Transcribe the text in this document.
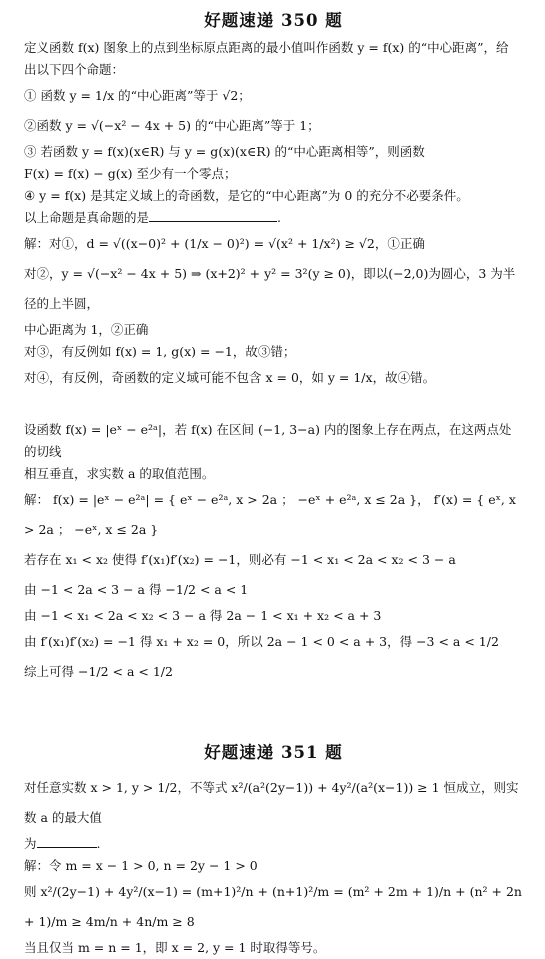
好题速递 350 题

定义函数 f(x) 图象上的点到坐标原点距离的最小值叫作函数 y = f(x) 的“中心距离”，给

出以下四个命题：

① 函数 y = 1/x 的“中心距离”等于 √2；

②函数 y = √(−x² − 4x + 5) 的“中心距离”等于 1；

③ 若函数 y = f(x)(x∈R) 与 y = g(x)(x∈R) 的“中心距离相等”，则函数

F(x) = f(x) − g(x) 至少有一个零点；

④ y = f(x) 是其定义域上的奇函数，是它的“中心距离”为 0 的充分不必要条件。

以上命题是真命题的是	.

解：对①，d = √((x−0)² + (1/x − 0)²) = √(x² + 1/x²) ≥ √2，①正确

对②，y = √(−x² − 4x + 5) ⇒ (x+2)² + y² = 3²(y ≥ 0)，即以(−2,0)为圆心，3 为半径的上半圆，

中心距离为 1，②正确

对③，有反例如 f(x) = 1, g(x) = −1，故③错；

对④，有反例，奇函数的定义域可能不包含 x = 0，如 y = 1/x，故④错。

设函数 f(x) = |eˣ − e²ᵃ|，若 f(x) 在区间 (−1, 3−a) 内的图象上存在两点，在这两点处的切线

相互垂直，求实数 a 的取值范围。

解： f(x) = |eˣ − e²ᵃ| = { eˣ − e²ᵃ, x > 2a ； −eˣ + e²ᵃ, x ≤ 2a }， f′(x) = { eˣ, x > 2a ； −eˣ, x ≤ 2a }

若存在 x₁ < x₂ 使得 f′(x₁)f′(x₂) = −1，则必有 −1 < x₁ < 2a < x₂ < 3 − a

由 −1 < 2a < 3 − a 得 −1/2 < a < 1

由 −1 < x₁ < 2a < x₂ < 3 − a 得 2a − 1 < x₁ + x₂ < a + 3

由 f′(x₁)f′(x₂) = −1 得 x₁ + x₂ = 0，所以 2a − 1 < 0 < a + 3，得 −3 < a < 1/2

综上可得 −1/2 < a < 1/2

好题速递 351 题

对任意实数 x > 1, y > 1/2，不等式 x²/(a²(2y−1)) + 4y²/(a²(x−1)) ≥ 1 恒成立，则实数 a 的最大值

为	.

解：令 m = x − 1 > 0, n = 2y − 1 > 0

则 x²/(2y−1) + 4y²/(x−1) = (m+1)²/n + (n+1)²/m = (m² + 2m + 1)/n + (n² + 2n + 1)/m ≥ 4m/n + 4n/m ≥ 8

当且仅当 m = n = 1，即 x = 2, y = 1 时取得等号。
